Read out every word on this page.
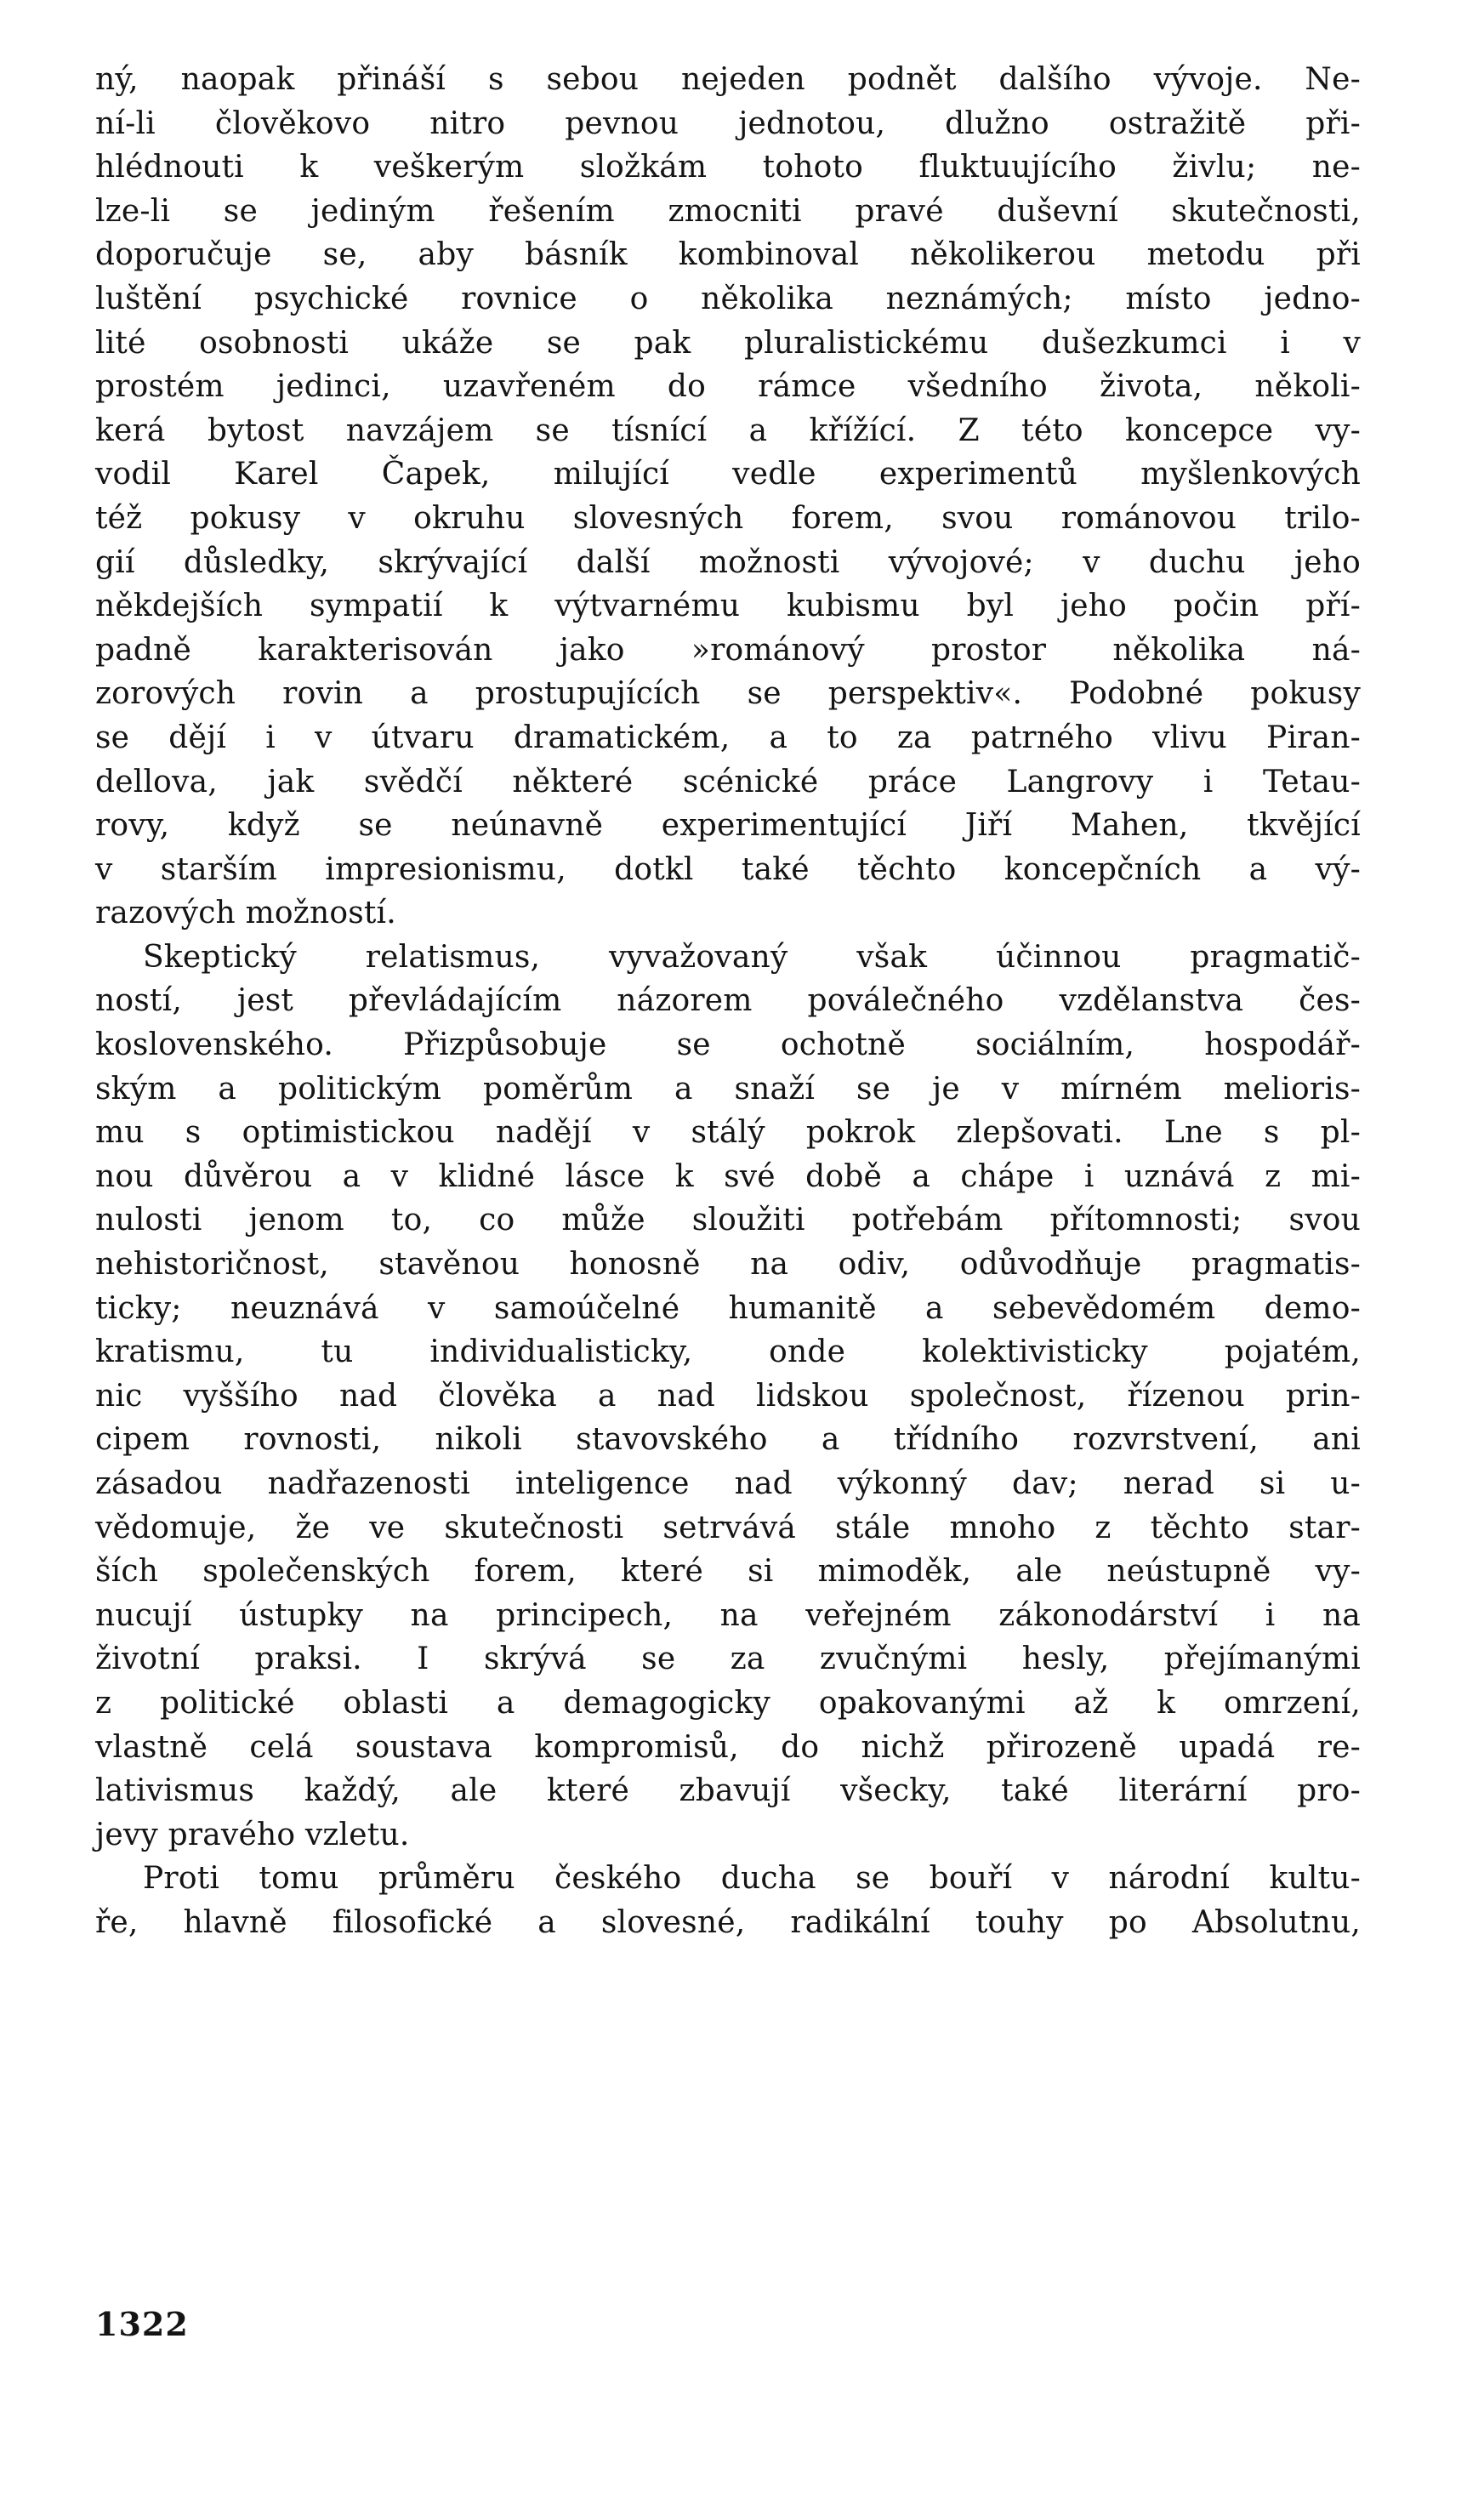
ný, naopak přináší s sebou nejeden podnět dalšího vývoje. Ne-
ní-li člověkovo nitro pevnou jednotou, dlužno ostražitě při-
hlédnouti k veškerým složkám tohoto fluktuujícího živlu; ne-
lze-li se jediným řešením zmocniti pravé duševní skutečnosti,
doporučuje se, aby básník kombinoval několikerou metodu při
luštění psychické rovnice o několika neznámých; místo jedno-
lité osobnosti ukáže se pak pluralistickému dušezkumci i v
prostém jedinci, uzavřeném do rámce všedního života, několi-
kerá bytost navzájem se tísnící a křížící. Z této koncepce vy-
vodil Karel Čapek, milující vedle experimentů myšlenkových
též pokusy v okruhu slovesných forem, svou románovou trilo-
gií důsledky, skrývající další možnosti vývojové; v duchu jeho
někdejších sympatií k výtvarnému kubismu byl jeho počin pří-
padně karakterisován jako »románový prostor několika ná-
zorových rovin a prostupujících se perspektiv«. Podobné pokusy
se dějí i v útvaru dramatickém, a to za patrného vlivu Piran-
dellova, jak svědčí některé scénické práce Langrovy i Tetau-
rovy, když se neúnavně experimentující Jiří Mahen, tkvějící
v starším impresionismu, dotkl také těchto koncepčních a vý-
razových možností.
Skeptický relatismus, vyvažovaný však účinnou pragmatič-
ností, jest převládajícím názorem poválečného vzdělanstva čes-
koslovenského. Přizpůsobuje se ochotně sociálním, hospodář-
ským a politickým poměrům a snaží se je v mírném melioris-
mu s optimistickou nadějí v stálý pokrok zlepšovati. Lne s pl-
nou důvěrou a v klidné lásce k své době a chápe i uznává z mi-
nulosti jenom to, co může sloužiti potřebám přítomnosti; svou
nehistoričnost, stavěnou honosně na odiv, odůvodňuje pragmatis-
ticky; neuznává v samoúčelné humanitě a sebevědomém demo-
kratismu, tu individualisticky, onde kolektivisticky pojatém,
nic vyššího nad člověka a nad lidskou společnost, řízenou prin-
cipem rovnosti, nikoli stavovského a třídního rozvrstvení, ani
zásadou nadřazenosti inteligence nad výkonný dav; nerad si u-
vědomuje, že ve skutečnosti setrvává stále mnoho z těchto star-
ších společenských forem, které si mimoděk, ale neústupně vy-
nucují ústupky na principech, na veřejném zákonodárství i na
životní praksi. I skrývá se za zvučnými hesly, přejímanými
z politické oblasti a demagogicky opakovanými až k omrzení,
vlastně celá soustava kompromisů, do nichž přirozeně upadá re-
lativismus každý, ale které zbavují všecky, také literární pro-
jevy pravého vzletu.
Proti tomu průměru českého ducha se bouří v národní kultu-
ře, hlavně filosofické a slovesné, radikální touhy po Absolutnu,
1322
